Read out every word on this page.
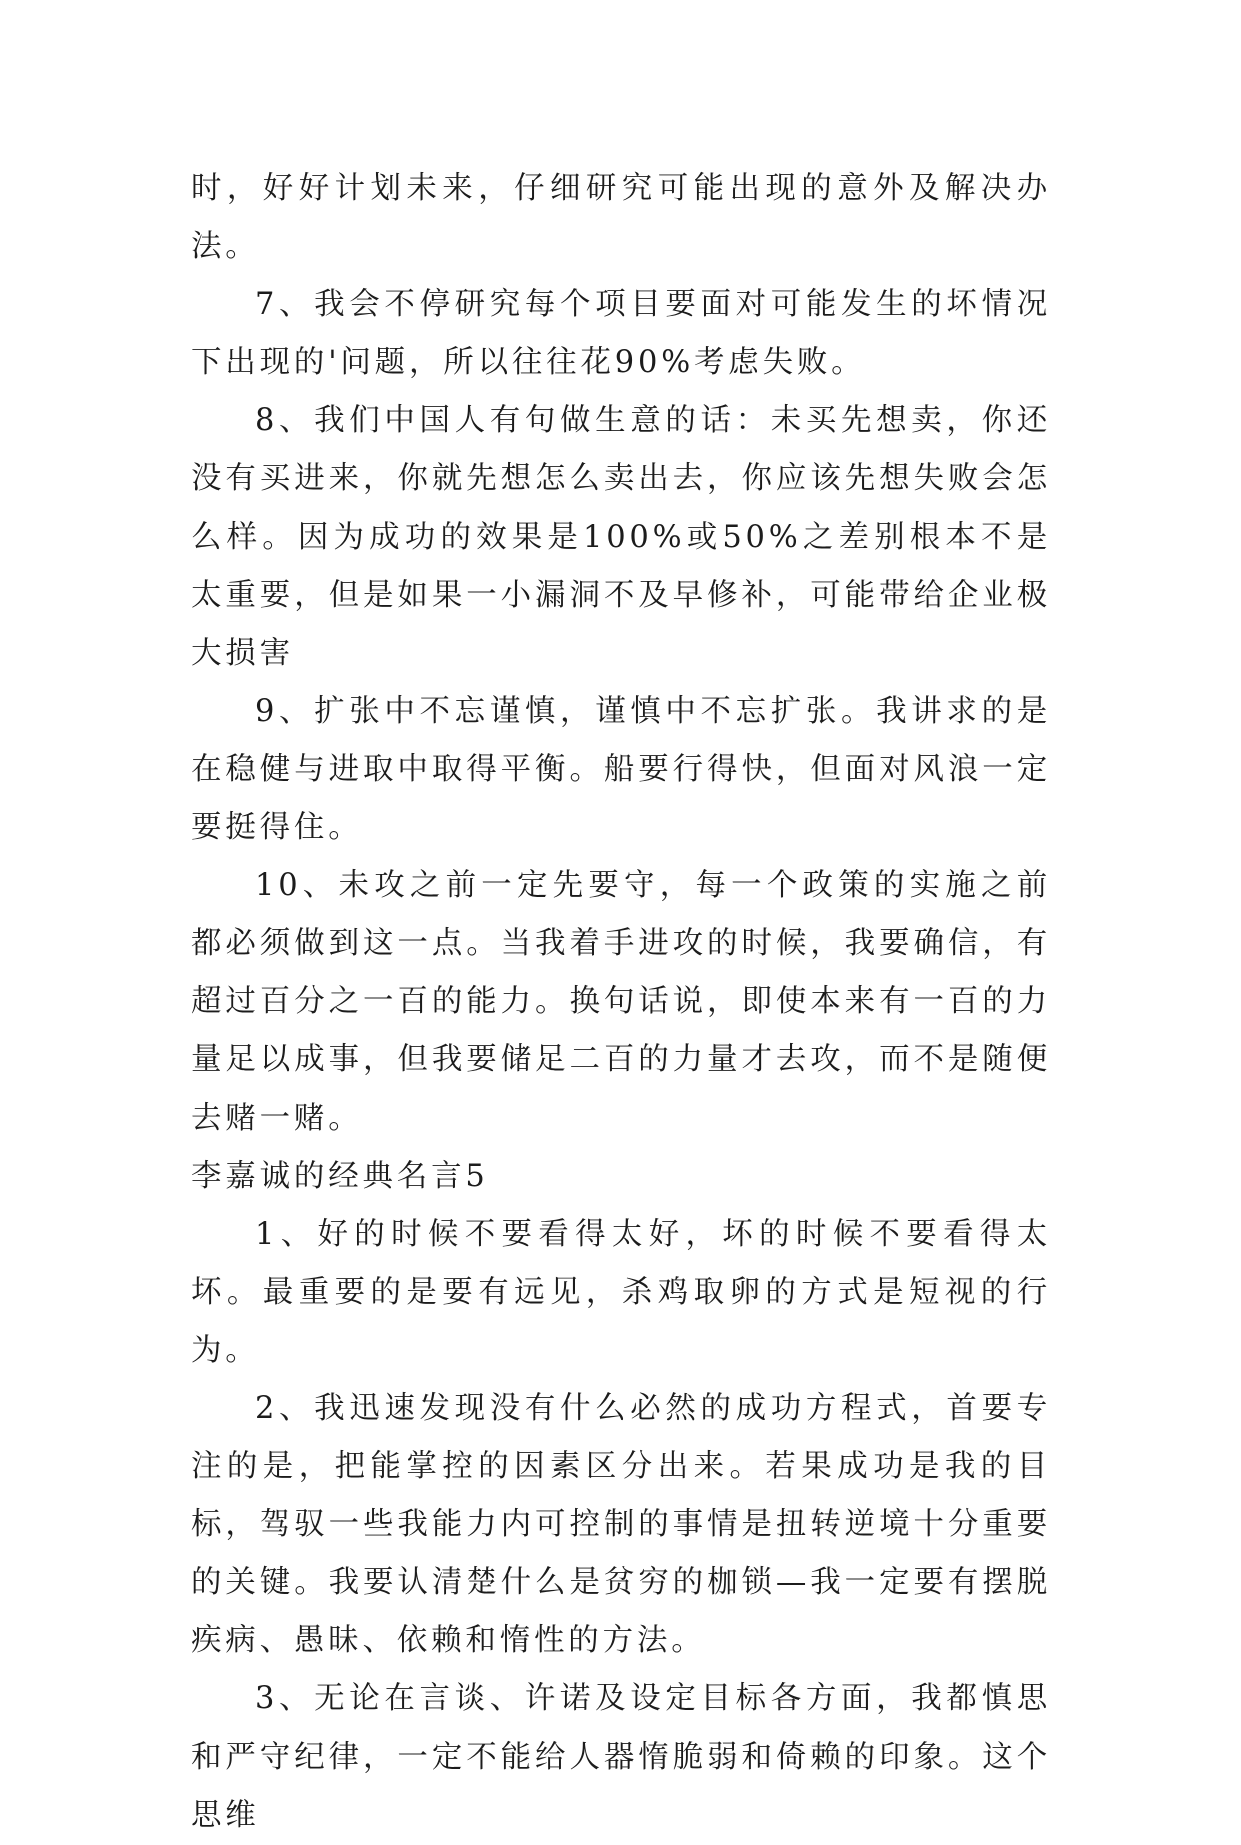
时，好好计划未来，仔细研究可能出现的意外及解决办法。

7、我会不停研究每个项目要面对可能发生的坏情况下出现的'问题，所以往往花90%考虑失败。

8、我们中国人有句做生意的话：未买先想卖，你还没有买进来，你就先想怎么卖出去，你应该先想失败会怎么样。因为成功的效果是100%或50%之差别根本不是太重要，但是如果一小漏洞不及早修补，可能带给企业极大损害

9、扩张中不忘谨慎，谨慎中不忘扩张。我讲求的是在稳健与进取中取得平衡。船要行得快，但面对风浪一定要挺得住。

10、未攻之前一定先要守，每一个政策的实施之前都必须做到这一点。当我着手进攻的时候，我要确信，有超过百分之一百的能力。换句话说，即使本来有一百的力量足以成事，但我要储足二百的力量才去攻，而不是随便去赌一赌。

李嘉诚的经典名言5

1、好的时候不要看得太好，坏的时候不要看得太坏。最重要的是要有远见，杀鸡取卵的方式是短视的行为。

2、我迅速发现没有什么必然的成功方程式，首要专注的是，把能掌控的因素区分出来。若果成功是我的目标，驾驭一些我能力内可控制的事情是扭转逆境十分重要的关键。我要认清楚什么是贫穷的枷锁—我一定要有摆脱疾病、愚昧、依赖和惰性的方法。

3、无论在言谈、许诺及设定目标各方面，我都慎思和严守纪律，一定不能给人器惰脆弱和倚赖的印象。这个思维
